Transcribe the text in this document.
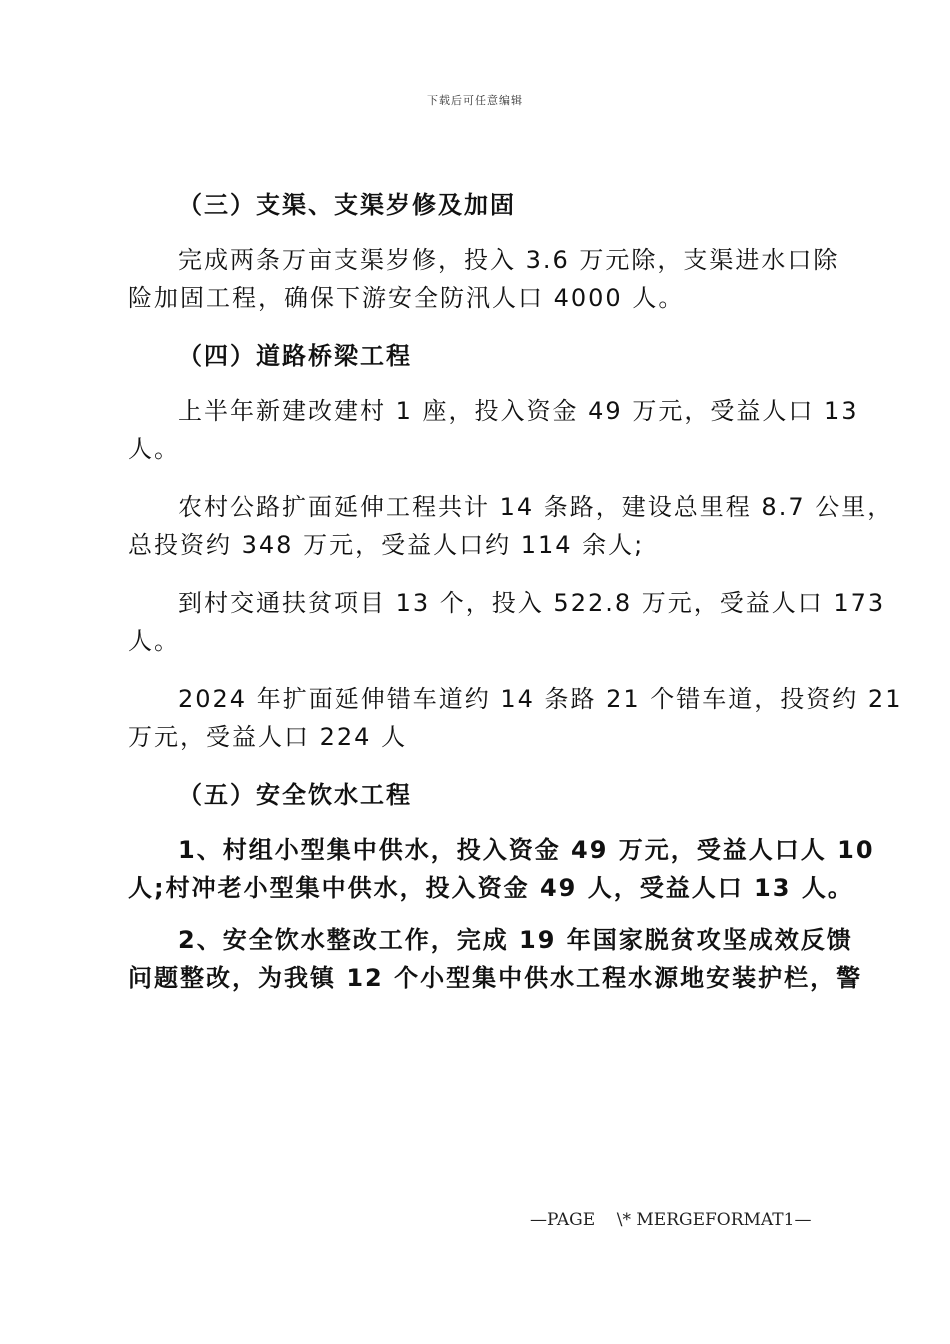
下载后可任意编辑
（三）支渠、支渠岁修及加固
完成两条万亩支渠岁修，投入 3.6 万元除，支渠进水口除
险加固工程，确保下游安全防汛人口 4000 人。
（四）道路桥梁工程
上半年新建改建村 1 座，投入资金 49 万元，受益人口 13
人。
农村公路扩面延伸工程共计 14 条路，建设总里程 8.7 公里，
总投资约 348 万元，受益人口约 114 余人;
到村交通扶贫项目 13 个，投入 522.8 万元，受益人口 173
人。
2024 年扩面延伸错车道约 14 条路 21 个错车道，投资约 21
万元，受益人口 224 人
（五）安全饮水工程
1、村组小型集中供水，投入资金 49 万元，受益人口人 10
人;村冲老小型集中供水，投入资金 49 人，受益人口 13 人。
2、安全饮水整改工作，完成 19 年国家脱贫攻坚成效反馈
问题整改，为我镇 12 个小型集中供水工程水源地安装护栏，警
—PAGE    \* MERGEFORMAT1—
